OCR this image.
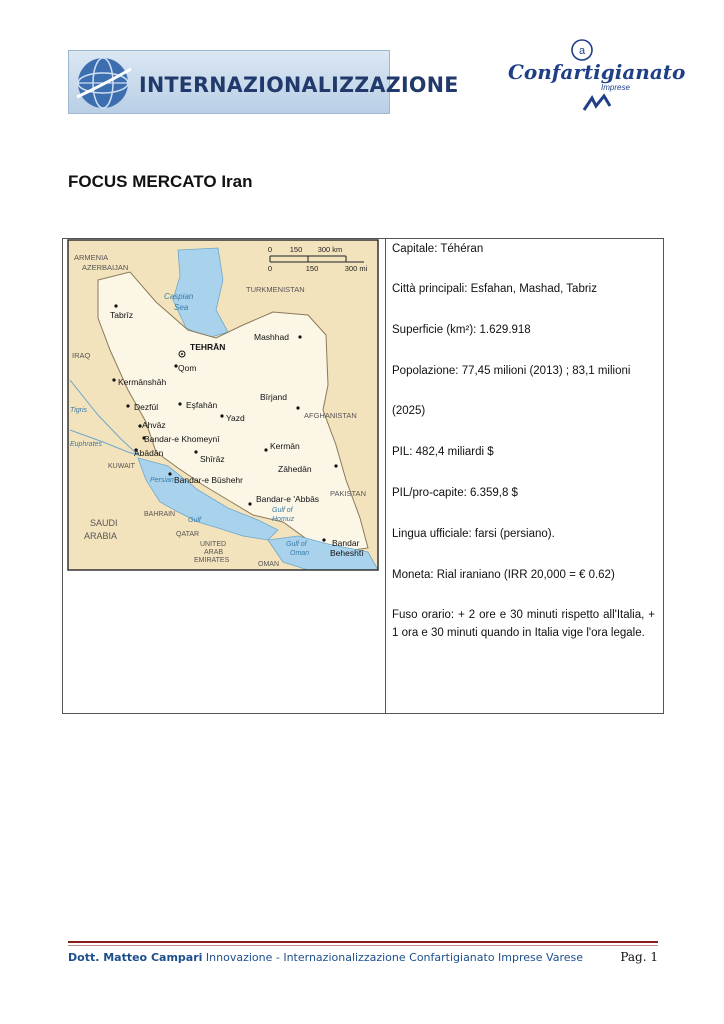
INTERNAZIONALIZZAZIONE
a
Confartigianato
Imprese
FOCUS MERCATO Iran
0 150 300 km
0	150	300 mi
ARMENIA
AZERBAIJAN
TURKMENISTAN
IRAQ
AFGHANISTAN
KUWAIT
PAKISTAN
BAHRAIN
SAUDI
ARABIA	QATAR
UNITED
ARAB
EMIRATES
OMAN
Caspian
Sea
Tigris
Euphrates
Persian
Gulf
Gulf of
Homuz
Gulf of
Oman
Tabrīz
TEHRĀN
Qom
Mashhad
Kermānshāh
Dezfūl	Eşfahān
Yazd
Bīrjand
Ahvāz
Bandar-e Khomeynī
Ābādān
Shīrāz
Kermān
Zāhedān
Bandar-e Būshehr
Bandar-e 'Abbās
Bandar
Beheshtī

Capitale: Téhéran

Città principali: Esfahan, Mashad, Tabriz

Superficie (km²): 1.629.918

Popolazione: 77,45 milioni (2013) ; 83,1 milioni

(2025)

PIL: 482,4 miliardi $

PIL/pro-capite: 6.359,8 $

Lingua ufficiale: farsi (persiano).

Moneta: Rial iraniano (IRR 20,000 = € 0.62)

Fuso orario: + 2 ore e 30 minuti rispetto all'Italia, + 1 ora e 30 minuti quando in Italia vige l'ora legale.

Dott. Matteo Campari Innovazione - Internazionalizzazione Confartigianato Imprese Varese	Pag. 1
